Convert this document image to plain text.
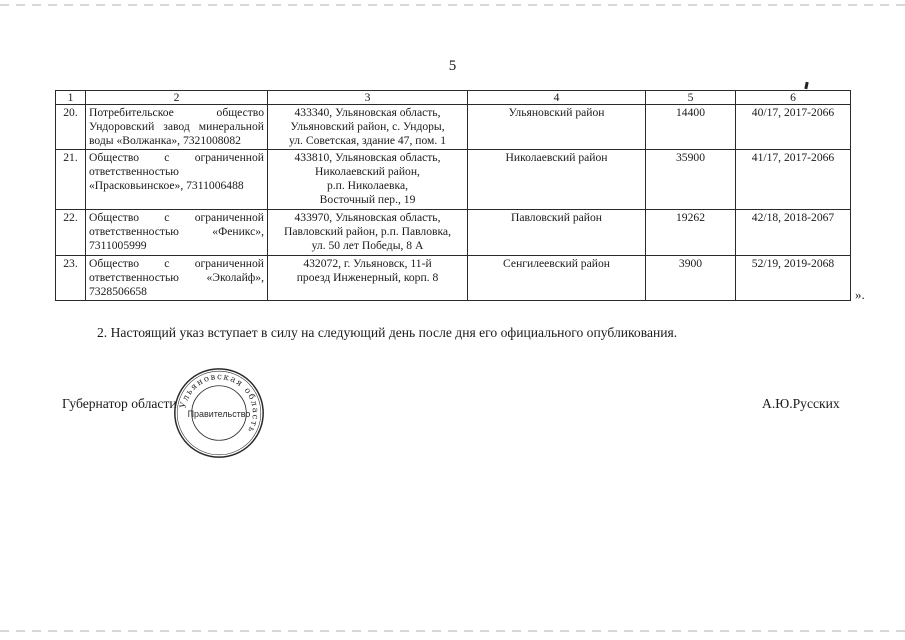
5
1	2	3	4	5	6
20.	Потребительское общество Ундоровский завод минеральной воды «Волжанка», 7321008082	433340, Ульяновская область,
Ульяновский район, с. Ундоры,
ул. Советская, здание 47, пом. 1	Ульяновский район	14400	40/17, 2017-2066
21.	Общество с ограниченной ответственностью «Прасковьинское», 7311006488	433810, Ульяновская область,
Николаевский район,
р.п. Николаевка,
Восточный пер., 19	Николаевский район	35900	41/17, 2017-2066
22.	Общество с ограниченной ответственностью «Феникс», 7311005999	433970, Ульяновская область,
Павловский район, р.п. Павловка,
ул. 50 лет Победы, 8 А	Павловский район	19262	42/18, 2018-2067
23.	Общество с ограниченной ответственностью «Эколайф», 7328506658	432072, г. Ульяновск, 11-й
проезд Инженерный, корп. 8	Сенгилеевский район	3900	52/19, 2019-2068
».
2. Настоящий указ вступает в силу на следующий день после дня его официального опубликования.
Губернатор области Ульяновская область
Правительство
А.Ю.Русских
